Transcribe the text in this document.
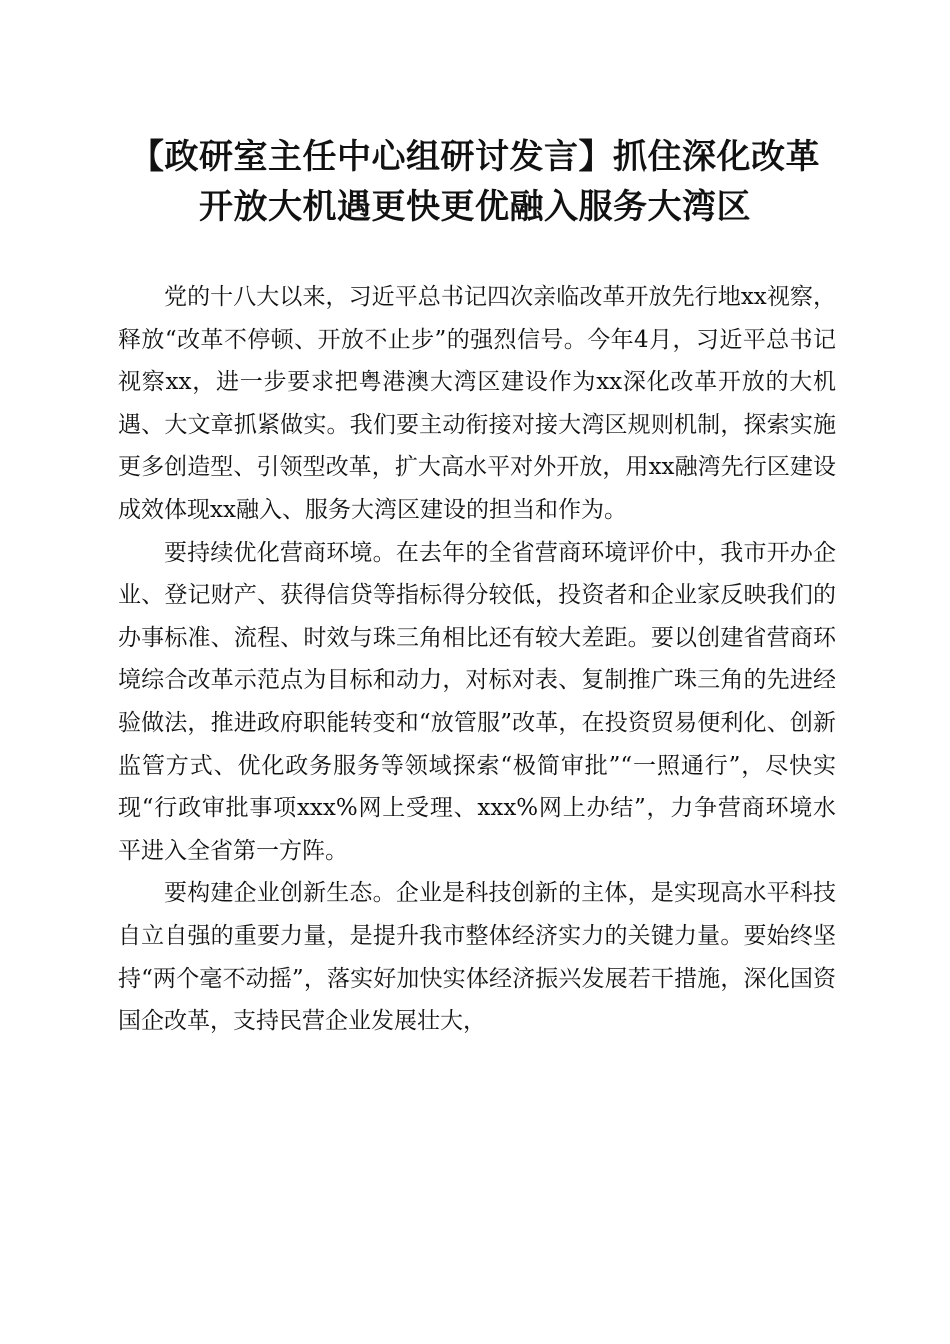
【政研室主任中心组研讨发言】抓住深化改革
开放大机遇更快更优融入服务大湾区

党的十八大以来，习近平总书记四次亲临改革开放先行地xx视察，释放“改革不停顿、开放不止步”的强烈信号。今年4月，习近平总书记视察xx，进一步要求把粤港澳大湾区建设作为xx深化改革开放的大机遇、大文章抓紧做实。我们要主动衔接对接大湾区规则机制，探索实施更多创造型、引领型改革，扩大高水平对外开放，用xx融湾先行区建设成效体现xx融入、服务大湾区建设的担当和作为。

要持续优化营商环境。在去年的全省营商环境评价中，我市开办企业、登记财产、获得信贷等指标得分较低，投资者和企业家反映我们的办事标准、流程、时效与珠三角相比还有较大差距。要以创建省营商环境综合改革示范点为目标和动力，对标对表、复制推广珠三角的先进经验做法，推进政府职能转变和“放管服”改革，在投资贸易便利化、创新监管方式、优化政务服务等领域探索“极简审批”“一照通行”，尽快实现“行政审批事项xxx%网上受理、xxx%网上办结”，力争营商环境水平进入全省第一方阵。

要构建企业创新生态。企业是科技创新的主体，是实现高水平科技自立自强的重要力量，是提升我市整体经济实力的关键力量。要始终坚持“两个毫不动摇”，落实好加快实体经济振兴发展若干措施，深化国资国企改革，支持民营企业发展壮大，
